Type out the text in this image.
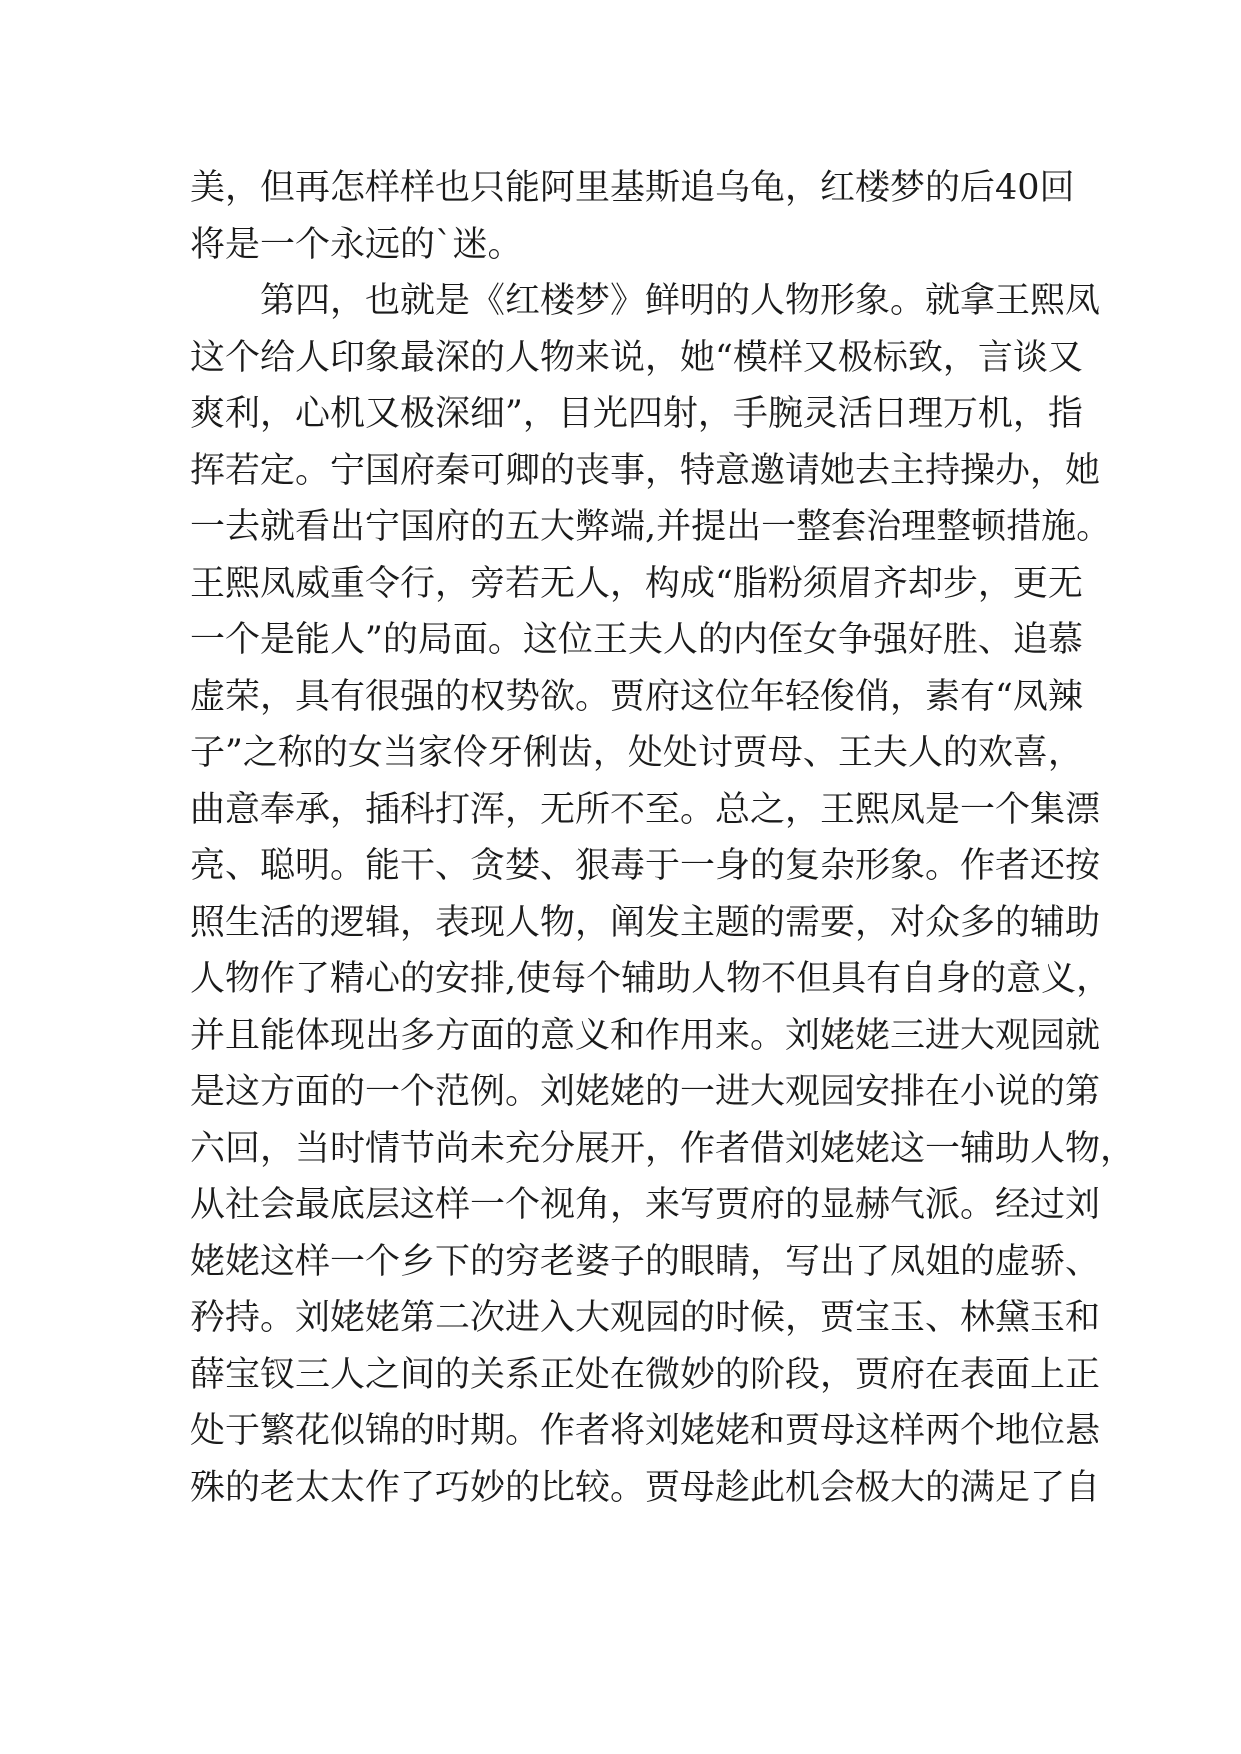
美，但再怎样样也只能阿里基斯追乌龟，红楼梦的后40回
将是一个永远的`迷。
　　第四，也就是《红楼梦》鲜明的人物形象。就拿王熙凤
这个给人印象最深的人物来说，她“模样又极标致，言谈又
爽利，心机又极深细”，目光四射，手腕灵活日理万机，指
挥若定。宁国府秦可卿的丧事，特意邀请她去主持操办，她
一去就看出宁国府的五大弊端,并提出一整套治理整顿措施。
王熙凤威重令行，旁若无人，构成“脂粉须眉齐却步，更无
一个是能人”的局面。这位王夫人的内侄女争强好胜、追慕
虚荣，具有很强的权势欲。贾府这位年轻俊俏，素有“凤辣
子”之称的女当家伶牙俐齿，处处讨贾母、王夫人的欢喜，
曲意奉承，插科打浑，无所不至。总之，王熙凤是一个集漂
亮、聪明。能干、贪婪、狠毒于一身的复杂形象。作者还按
照生活的逻辑，表现人物，阐发主题的需要，对众多的辅助
人物作了精心的安排,使每个辅助人物不但具有自身的意义，
并且能体现出多方面的意义和作用来。刘姥姥三进大观园就
是这方面的一个范例。刘姥姥的一进大观园安排在小说的第
六回，当时情节尚未充分展开，作者借刘姥姥这一辅助人物，
从社会最底层这样一个视角，来写贾府的显赫气派。经过刘
姥姥这样一个乡下的穷老婆子的眼睛，写出了凤姐的虚骄、
矜持。刘姥姥第二次进入大观园的时候，贾宝玉、林黛玉和
薛宝钗三人之间的关系正处在微妙的阶段，贾府在表面上正
处于繁花似锦的时期。作者将刘姥姥和贾母这样两个地位悬
殊的老太太作了巧妙的比较。贾母趁此机会极大的满足了自
